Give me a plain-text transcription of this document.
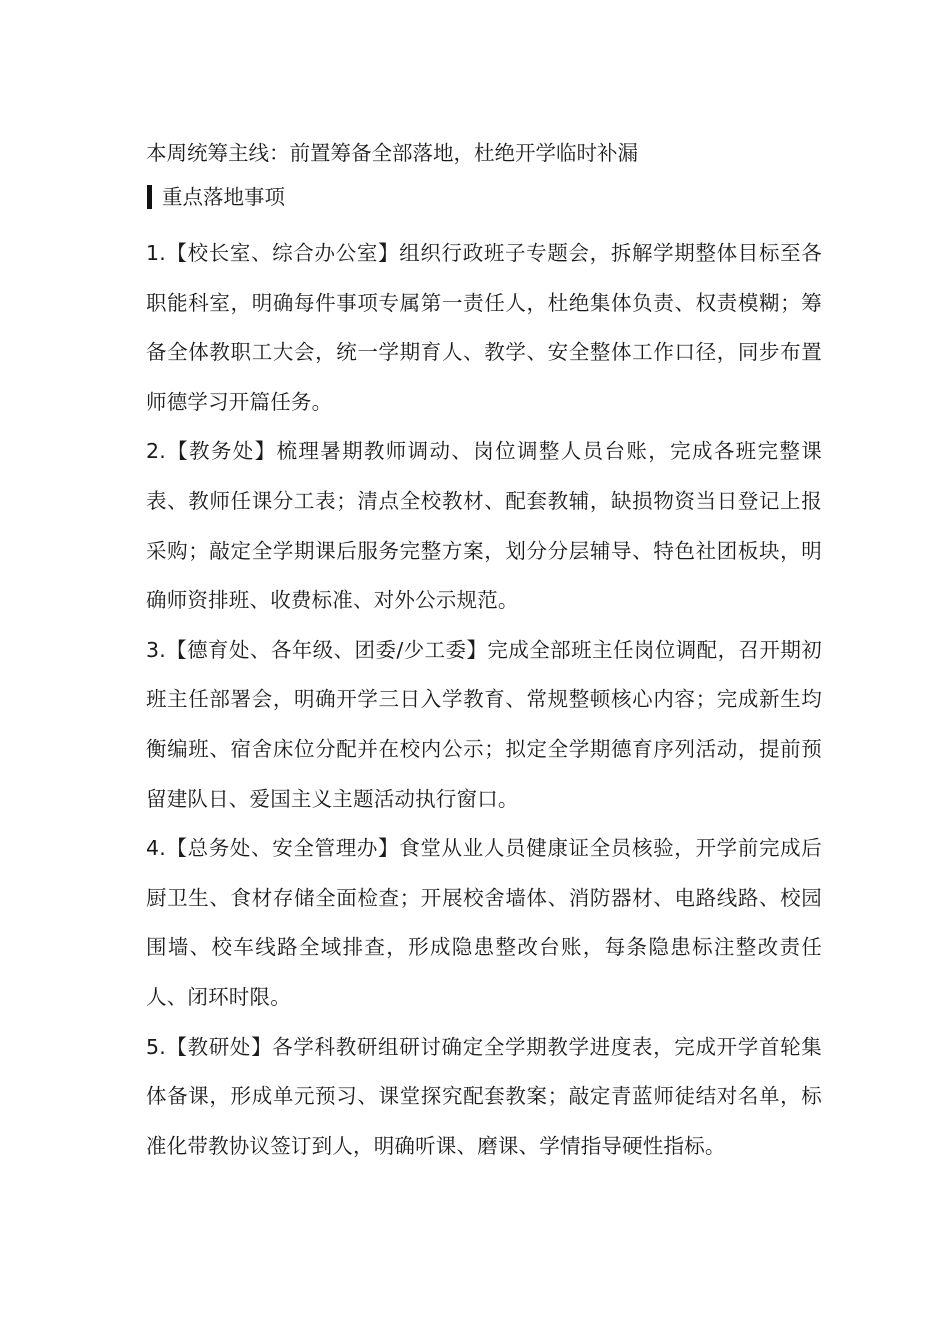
本周统筹主线：前置筹备全部落地，杜绝开学临时补漏

重点落地事项

1.【校长室、综合办公室】组织行政班子专题会，拆解学期整体目标至各职能科室，明确每件事项专属第一责任人，杜绝集体负责、权责模糊；筹备全体教职工大会，统一学期育人、教学、安全整体工作口径，同步布置师德学习开篇任务。

2.【教务处】梳理暑期教师调动、岗位调整人员台账，完成各班完整课表、教师任课分工表；清点全校教材、配套教辅，缺损物资当日登记上报采购；敲定全学期课后服务完整方案，划分分层辅导、特色社团板块，明确师资排班、收费标准、对外公示规范。

3.【德育处、各年级、团委/少工委】完成全部班主任岗位调配，召开期初班主任部署会，明确开学三日入学教育、常规整顿核心内容；完成新生均衡编班、宿舍床位分配并在校内公示；拟定全学期德育序列活动，提前预留建队日、爱国主义主题活动执行窗口。

4.【总务处、安全管理办】食堂从业人员健康证全员核验，开学前完成后厨卫生、食材存储全面检查；开展校舍墙体、消防器材、电路线路、校园围墙、校车线路全域排查，形成隐患整改台账，每条隐患标注整改责任人、闭环时限。

5.【教研处】各学科教研组研讨确定全学期教学进度表，完成开学首轮集体备课，形成单元预习、课堂探究配套教案；敲定青蓝师徒结对名单，标准化带教协议签订到人，明确听课、磨课、学情指导硬性指标。
